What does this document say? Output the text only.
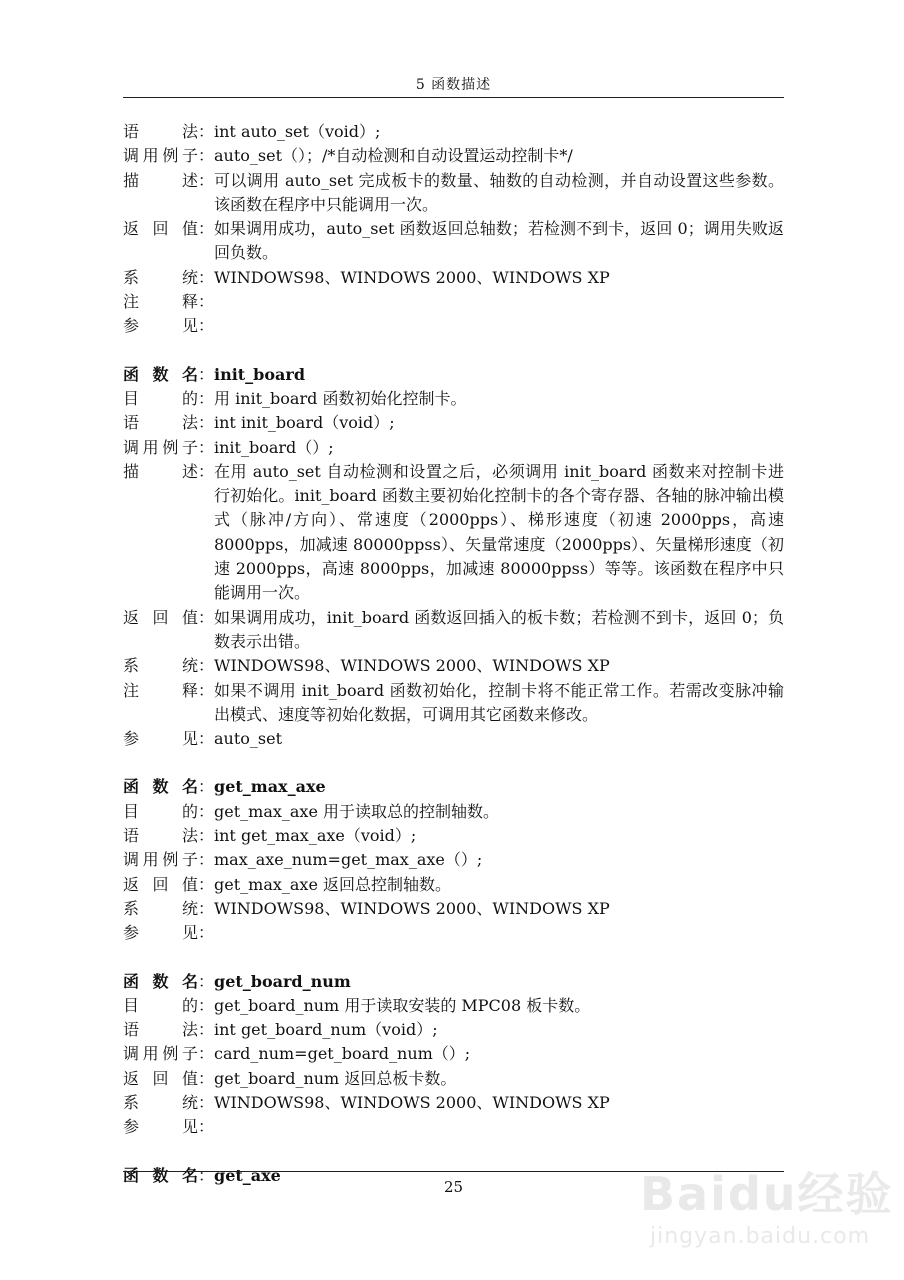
5 函数描述
语	法 ： int auto_set（void）;
调 用 例 子 ： auto_set（）；/*自动检测和自动设置运动控制卡*/
描	述 ： 可以调用 auto_set 完成板卡的数量、轴数的自动检测，并自动设置这些参数。该函数在程序中只能调用一次。
返 回 值 ： 如果调用成功，auto_set 函数返回总轴数；若检测不到卡，返回 0；调用失败返回负数。
系	统 ： WINDOWS98、WINDOWS 2000、WINDOWS XP
注	释 ：
参	见 ：
函 数 名 ： init_board
目	的 ： 用 init_board 函数初始化控制卡。
语	法 ： int init_board（void）;
调 用 例 子 ： init_board（）;
描	述 ： 在用 auto_set 自动检测和设置之后，必须调用 init_board 函数来对控制卡进行初始化。init_board 函数主要初始化控制卡的各个寄存器、各轴的脉冲输出模式（脉冲/方向）、常速度（2000pps）、梯形速度（初速 2000pps，高速 8000pps，加减速 80000ppss）、矢量常速度（2000pps）、矢量梯形速度（初速 2000pps，高速 8000pps，加减速 80000ppss）等等。该函数在程序中只能调用一次。
返 回 值 ： 如果调用成功，init_board 函数返回插入的板卡数；若检测不到卡，返回 0；负数表示出错。
系	统 ： WINDOWS98、WINDOWS 2000、WINDOWS XP
注	释 ： 如果不调用 init_board 函数初始化，控制卡将不能正常工作。若需改变脉冲输出模式、速度等初始化数据，可调用其它函数来修改。
参	见 ： auto_set
函 数 名 ： get_max_axe
目	的 ： get_max_axe 用于读取总的控制轴数。
语	法 ： int get_max_axe（void）;
调 用 例 子 ： max_axe_num=get_max_axe（）;
返 回 值 ： get_max_axe 返回总控制轴数。
系	统 ： WINDOWS98、WINDOWS 2000、WINDOWS XP
参	见 ：
函 数 名 ： get_board_num
目	的 ： get_board_num 用于读取安装的 MPC08 板卡数。
语	法 ： int get_board_num（void）;
调 用 例 子 ： card_num=get_board_num（）;
返 回 值 ： get_board_num 返回总板卡数。
系	统 ： WINDOWS98、WINDOWS 2000、WINDOWS XP
参	见 ：
函 数 名 ： get_axe
25	Baidu经验
jingyan.baidu.com
